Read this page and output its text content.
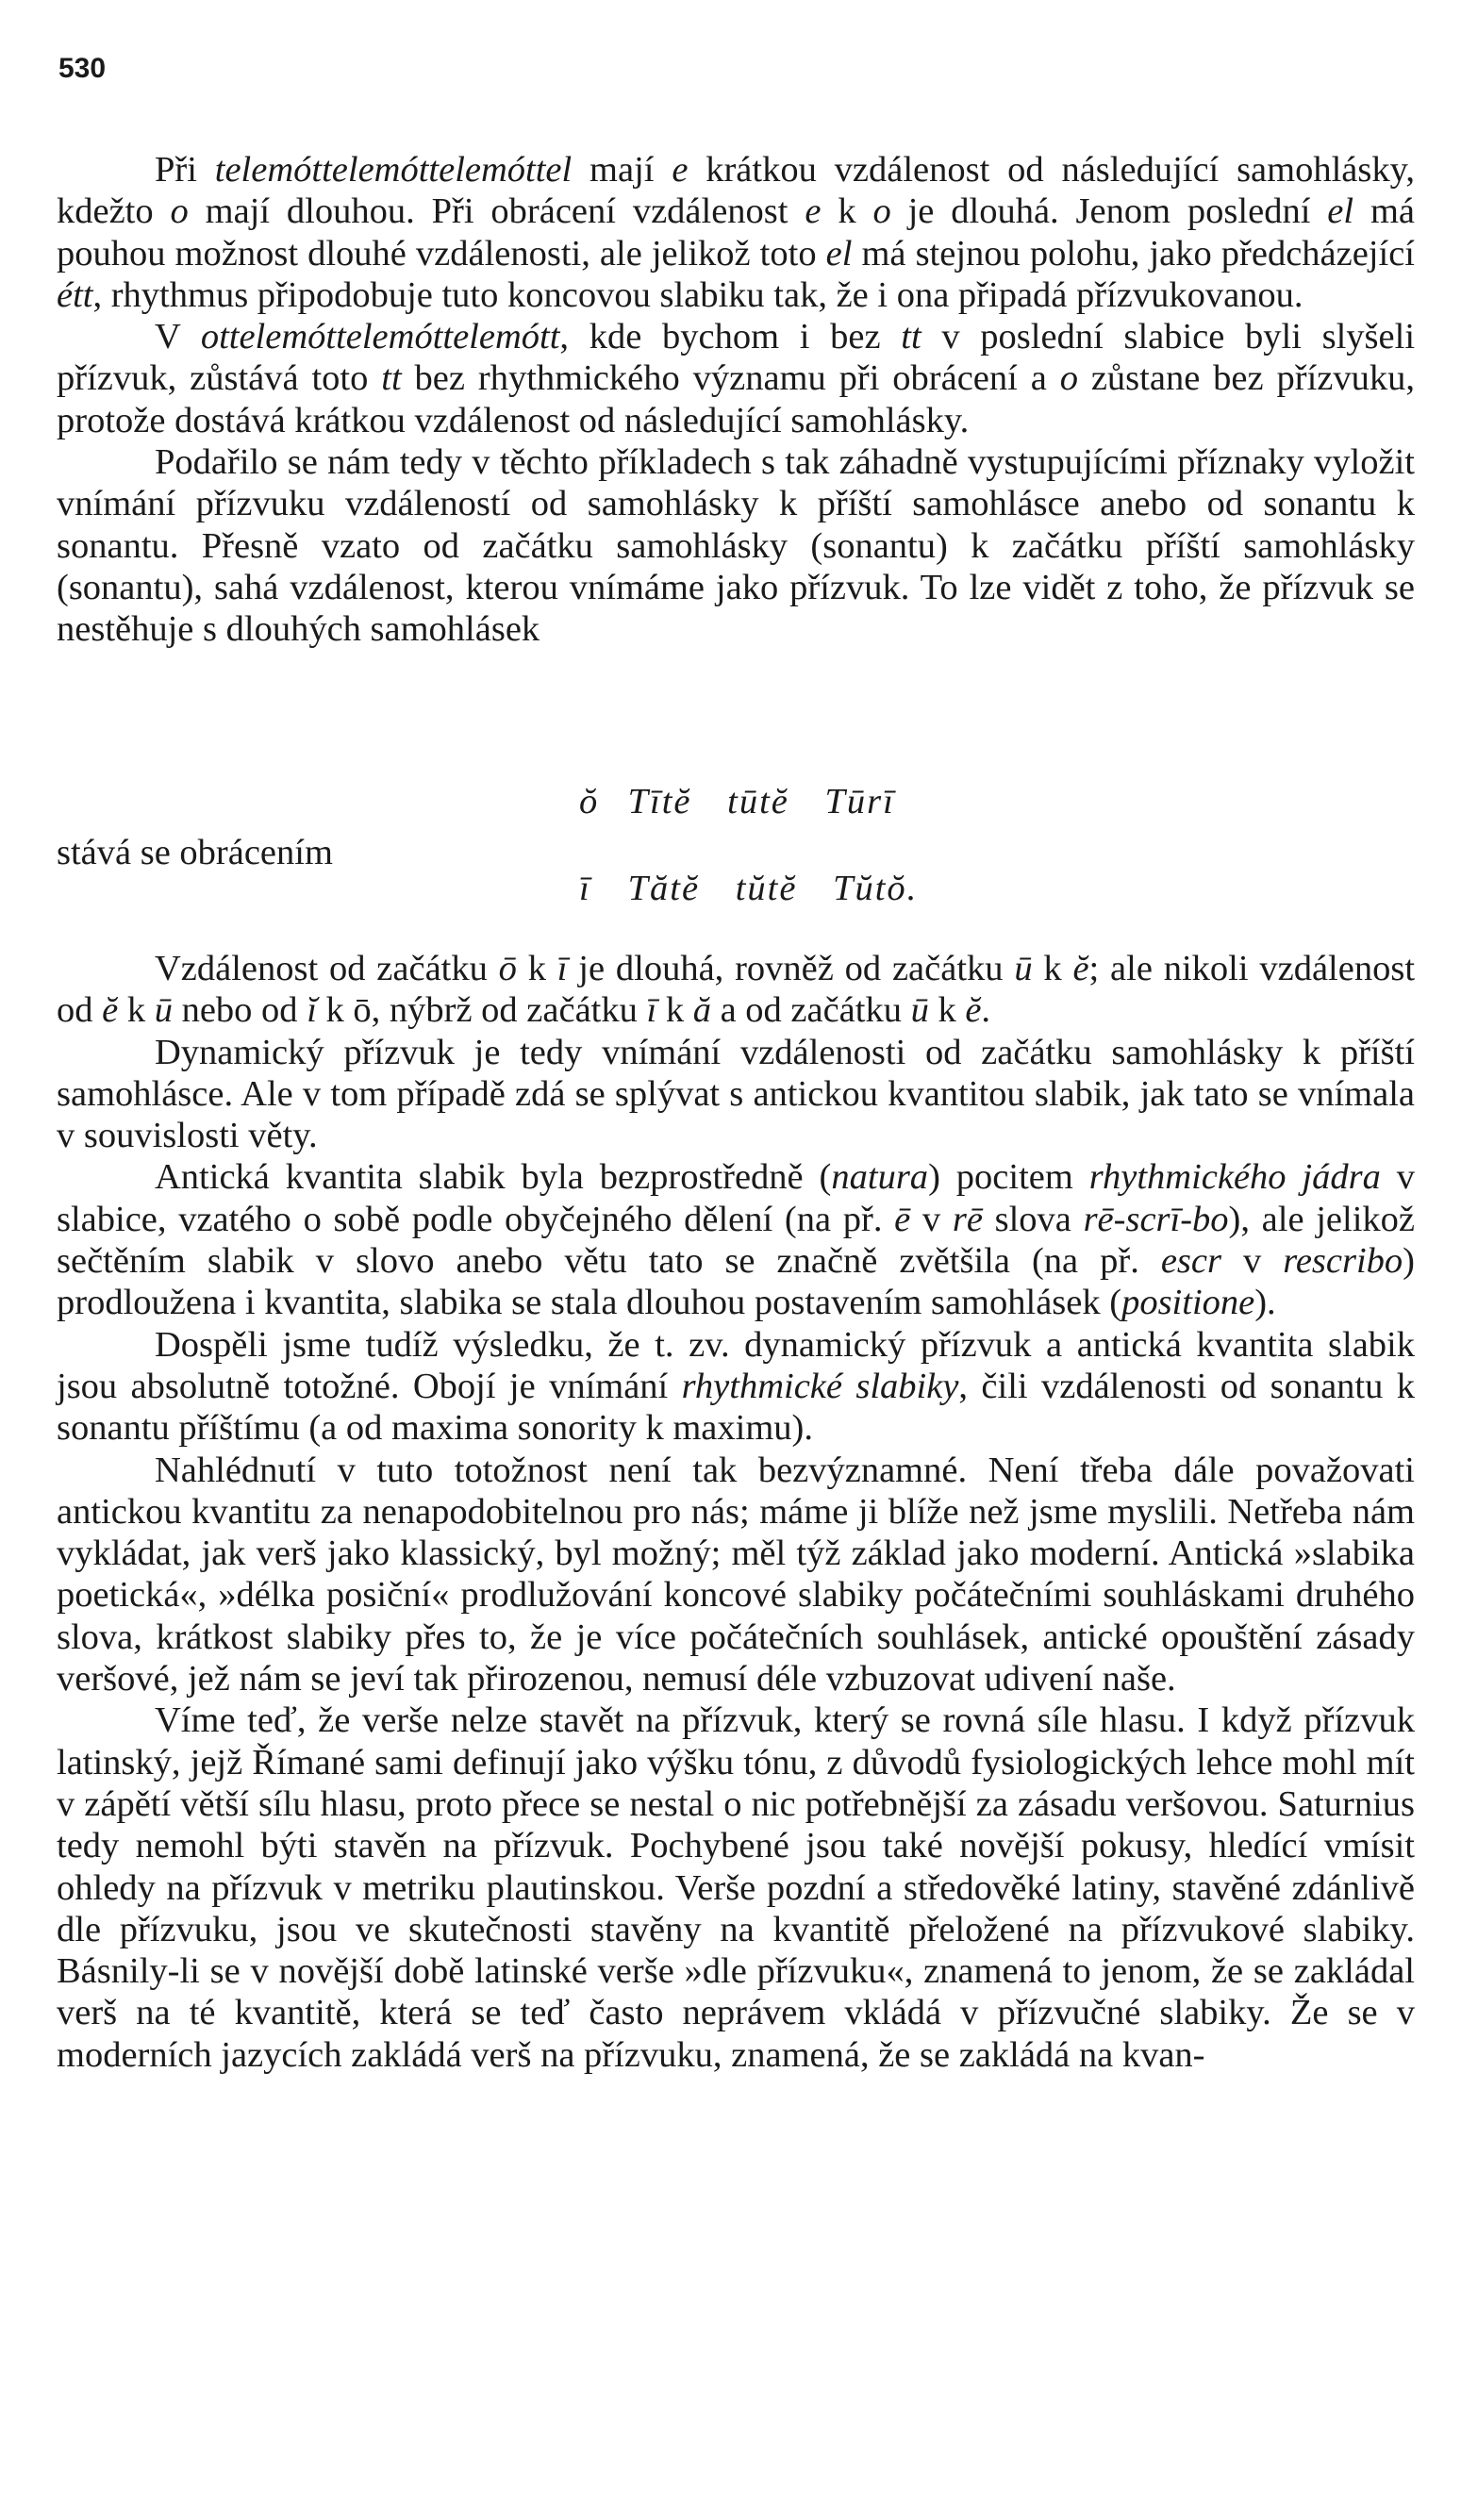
530

Při telemóttelemóttelemóttel mají e krátkou vzdálenost od následující samohlásky, kdežto o mají dlouhou. Při obrácení vzdálenost e k o je dlouhá. Jenom poslední el má pouhou možnost dlouhé vzdálenosti, ale jelikož toto el má stejnou polohu, jako předcházející étt, rhythmus připodobuje tuto koncovou slabiku tak, že i ona připadá přízvukovanou.

V ottelemóttelemóttelemótt, kde bychom i bez tt v poslední slabice byli slyšeli přízvuk, zůstává toto tt bez rhythmického významu při obrácení a o zůstane bez přízvuku, protože dostává krátkou vzdálenost od následující samohlásky.

Podařilo se nám tedy v těchto příkladech s tak záhadně vystupujícími příznaky vyložit vnímání přízvuku vzdáleností od samohlásky k příští samohlásce anebo od sonantu k sonantu. Přesně vzato od začátku samohlásky (sonantu) k začátku příští samohlásky (sonantu), sahá vzdálenost, kterou vnímáme jako přízvuk. To lze vidět z toho, že přízvuk se nestěhuje s dlouhých samohlásek

stává se obrácením
ŏ Tītĕ tūtĕ Tūrī
ī Tătĕ tŭtĕ Tŭtŏ.

Vzdálenost od začátku ō k ī je dlouhá, rovněž od začátku ū k ĕ; ale nikoli vzdálenost od ĕ k ū nebo od ĭ k ō, nýbrž od začátku ī k ă a od začátku ū k ĕ.

Dynamický přízvuk je tedy vnímání vzdálenosti od začátku samohlásky k příští samohlásce. Ale v tom případě zdá se splývat s antickou kvantitou slabik, jak tato se vnímala v souvislosti věty.

Antická kvantita slabik byla bezprostředně (natura) pocitem rhythmického jádra v slabice, vzatého o sobě podle obyčejného dělení (na př. ē v rē slova rē-scrī-bo), ale jelikož sečtěním slabik v slovo anebo větu tato se značně zvětšila (na př. escr v rescribo) prodloužena i kvantita, slabika se stala dlouhou postavením samohlásek (positione).

Dospěli jsme tudíž výsledku, že t. zv. dynamický přízvuk a antická kvantita slabik jsou absolutně totožné. Obojí je vnímání rhythmické slabiky, čili vzdálenosti od sonantu k sonantu příštímu (a od maxima sonority k maximu).

Nahlédnutí v tuto totožnost není tak bezvýznamné. Není třeba dále považovati antickou kvantitu za nenapodobitelnou pro nás; máme ji blíže než jsme myslili. Netřeba nám vykládat, jak verš jako klassický, byl možný; měl týž základ jako moderní. Antická »slabika poetická«, »délka posiční« prodlužování koncové slabiky počátečními souhláskami druhého slova, krátkost slabiky přes to, že je více počátečních souhlásek, antické opouštění zásady veršové, jež nám se jeví tak přirozenou, nemusí déle vzbuzovat udivení naše.

Víme teď, že verše nelze stavět na přízvuk, který se rovná síle hlasu. I když přízvuk latinský, jejž Římané sami definují jako výšku tónu, z důvodů fysiologických lehce mohl mít v zápětí větší sílu hlasu, proto přece se nestal o nic potřebnější za zásadu veršovou. Saturnius tedy nemohl býti stavěn na přízvuk. Pochybené jsou také novější pokusy, hledící vmísit ohledy na přízvuk v metriku plautinskou. Verše pozdní a středověké latiny, stavěné zdánlivě dle přízvuku, jsou ve skutečnosti stavěny na kvantitě přeložené na přízvukové slabiky. Básnily-li se v novější době latinské verše »dle přízvuku«, znamená to jenom, že se zakládal verš na té kvantitě, která se teď často neprávem vkládá v přízvučné slabiky. Že se v moderních jazycích zakládá verš na přízvuku, znamená, že se zakládá na kvan-
